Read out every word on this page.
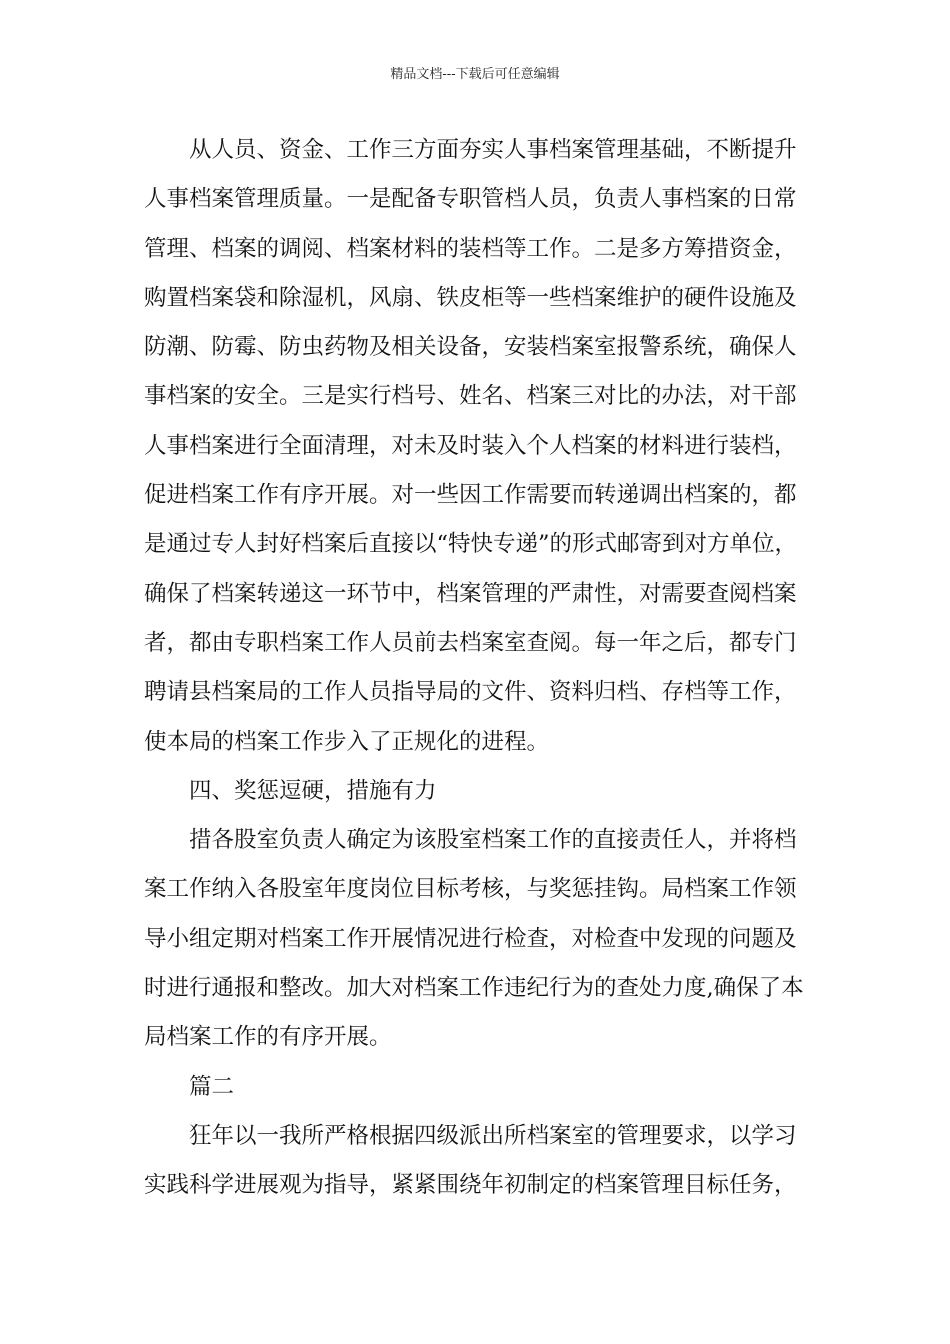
精品文档---下载后可任意编辑

从人员、资金、工作三方面夯实人事档案管理基础，不断提升

人事档案管理质量。一是配备专职管档人员，负责人事档案的日常

管理、档案的调阅、档案材料的装档等工作。二是多方筹措资金，

购置档案袋和除湿机，风扇、铁皮柜等一些档案维护的硬件设施及

防潮、防霉、防虫药物及相关设备，安装档案室报警系统，确保人

事档案的安全。三是实行档号、姓名、档案三对比的办法，对干部

人事档案进行全面清理，对未及时装入个人档案的材料进行装档，

促进档案工作有序开展。对一些因工作需要而转递调出档案的，都

是通过专人封好档案后直接以“特快专递”的形式邮寄到对方单位，

确保了档案转递这一环节中，档案管理的严肃性，对需要查阅档案

者，都由专职档案工作人员前去档案室查阅。每一年之后，都专门

聘请县档案局的工作人员指导局的文件、资料归档、存档等工作，

使本局的档案工作步入了正规化的进程。

四、奖惩逗硬，措施有力

措各股室负责人确定为该股室档案工作的直接责任人，并将档

案工作纳入各股室年度岗位目标考核，与奖惩挂钩。局档案工作领

导小组定期对档案工作开展情况进行检查，对检查中发现的问题及

时进行通报和整改。加大对档案工作违纪行为的查处力度,确保了本

局档案工作的有序开展。

篇二

狂年以一我所严格根据四级派出所档案室的管理要求，以学习

实践科学进展观为指导，紧紧围绕年初制定的档案管理目标任务，
